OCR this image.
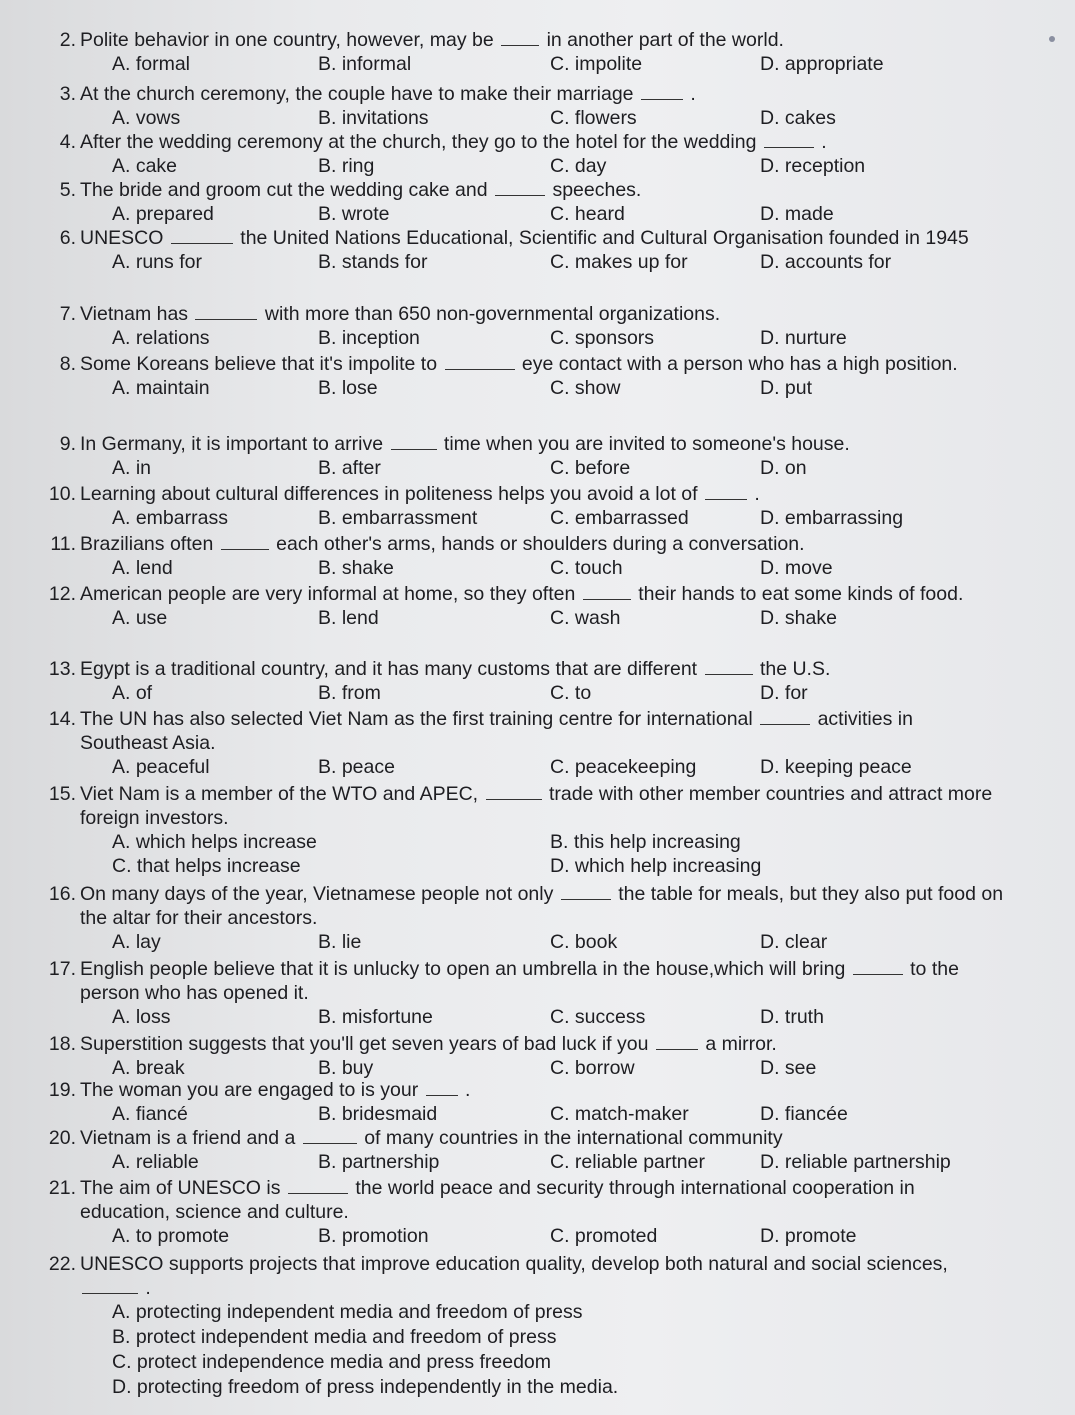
2. Polite behavior in one country, however, may be	in another part of the world.
A. formal	B. informal	C. impolite	D. appropriate
3. At the church ceremony, the couple have to make their marriage	.
A. vows	B. invitations	C. flowers	D. cakes
4. After the wedding ceremony at the church, they go to the hotel for the wedding	.
A. cake	B. ring	C. day	D. reception
5. The bride and groom cut the wedding cake and	speeches.
A. prepared	B. wrote	C. heard	D. made
6. UNESCO	the United Nations Educational, Scientific and Cultural Organisation founded in 1945
A. runs for	B. stands for	C. makes up for	D. accounts for
7. Vietnam has	with more than 650 non-governmental organizations.
A. relations	B. inception	C. sponsors	D. nurture
8. Some Koreans believe that it's impolite to	eye contact with a person who has a high position.
A. maintain	B. lose	C. show	D. put
9. In Germany, it is important to arrive	time when you are invited to someone's house.
A. in	B. after	C. before	D. on
10. Learning about cultural differences in politeness helps you avoid a lot of	.
A. embarrass	B. embarrassment	C. embarrassed	D. embarrassing
11. Brazilians often	each other's arms, hands or shoulders during a conversation.
A. lend	B. shake	C. touch	D. move
12. American people are very informal at home, so they often	their hands to eat some kinds of food.
A. use	B. lend	C. wash	D. shake
13. Egypt is a traditional country, and it has many customs that are different	the U.S.
A. of	B. from	C. to	D. for
14. The UN has also selected Viet Nam as the first training centre for international	activities in Southeast Asia.
A. peaceful	B. peace	C. peacekeeping	D. keeping peace
15. Viet Nam is a member of the WTO and APEC,	trade with other member countries and attract more foreign investors.
A. which helps increase	B. this help increasing
C. that helps increase	D. which help increasing
16. On many days of the year, Vietnamese people not only	the table for meals, but they also put food on the altar for their ancestors.
A. lay	B. lie	C. book	D. clear
17. English people believe that it is unlucky to open an umbrella in the house,which will bring	to the person who has opened it.
A. loss	B. misfortune	C. success	D. truth
18. Superstition suggests that you'll get seven years of bad luck if you	a mirror.
A. break	B. buy	C. borrow	D. see
19. The woman you are engaged to is your .
A. fiancé	B. bridesmaid	C. match-maker	D. fiancée
20. Vietnam is a friend and a	of many countries in the international community
A. reliable	B. partnership	C. reliable partner	D. reliable partnership
21. The aim of UNESCO is	the world peace and security through international cooperation in education, science and culture.
A. to promote	B. promotion	C. promoted	D. promote
22. UNESCO supports projects that improve education quality, develop both natural and social sciences,  .
A. protecting independent media and freedom of press
B. protect independent media and freedom of press
C. protect independence media and press freedom
D. protecting freedom of press independently in the media.
